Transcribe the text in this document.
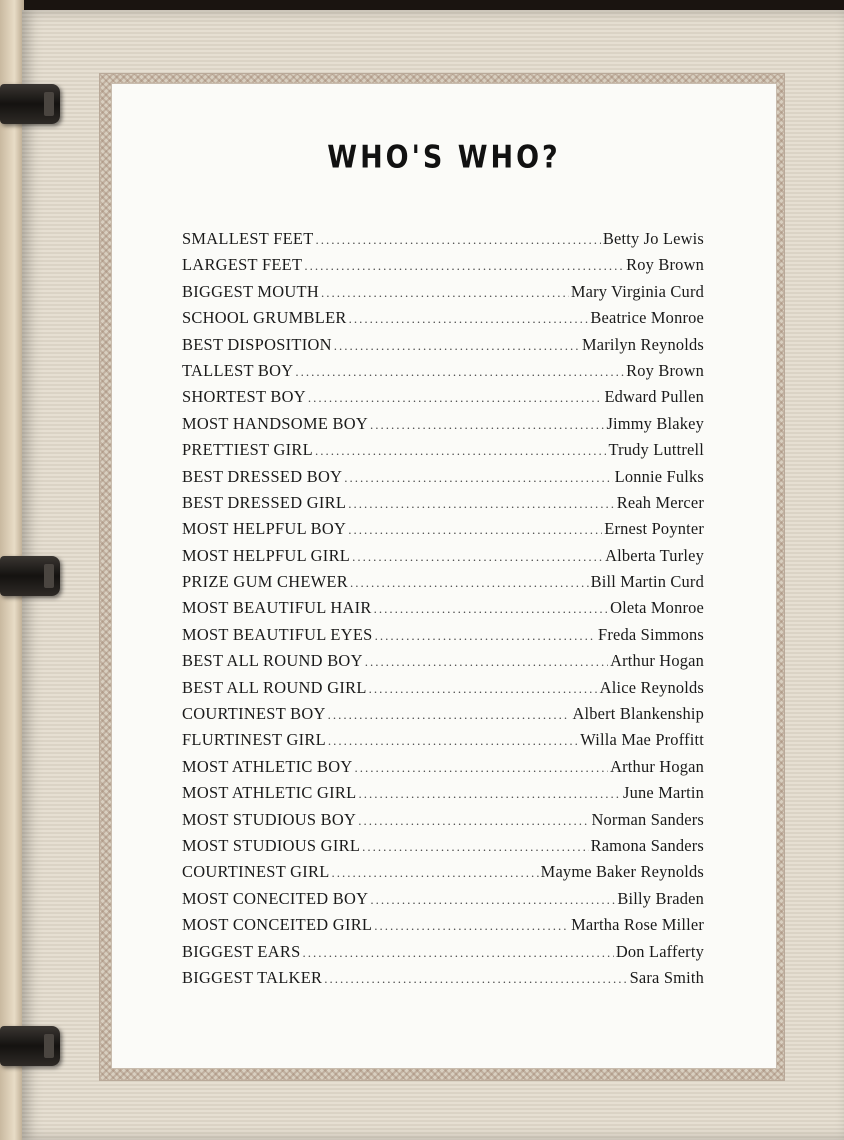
WHO'S WHO?
SMALLEST FEET .....	Betty Jo Lewis
LARGEST FEET .....	Roy Brown
BIGGEST MOUTH .....	Mary Virginia Curd
SCHOOL GRUMBLER .....	Beatrice Monroe
BEST DISPOSITION .....	Marilyn Reynolds
TALLEST BOY .....	Roy Brown
SHORTEST BOY .....	Edward Pullen
MOST HANDSOME BOY .....	Jimmy Blakey
PRETTIEST GIRL .....	Trudy Luttrell
BEST DRESSED BOY .....	Lonnie Fulks
BEST DRESSED GIRL .....	Reah Mercer
MOST HELPFUL BOY .....	Ernest Poynter
MOST HELPFUL GIRL .....	Alberta Turley
PRIZE GUM CHEWER .....	Bill Martin Curd
MOST BEAUTIFUL HAIR .....	Oleta Monroe
MOST BEAUTIFUL EYES .....	Freda Simmons
BEST ALL ROUND BOY .....	Arthur Hogan
BEST ALL ROUND GIRL .....	Alice Reynolds
COURTINEST BOY .....	Albert Blankenship
FLURTINEST GIRL .....	Willa Mae Proffitt
MOST ATHLETIC BOY .....	Arthur Hogan
MOST ATHLETIC GIRL .....	June Martin
MOST STUDIOUS BOY .....	Norman Sanders
MOST STUDIOUS GIRL .....	Ramona Sanders
COURTINEST GIRL .....	Mayme Baker Reynolds
MOST CONECITED BOY .....	Billy Braden
MOST CONCEITED GIRL .....	Martha Rose Miller
BIGGEST EARS .....	Don Lafferty
BIGGEST TALKER .....	Sara Smith
